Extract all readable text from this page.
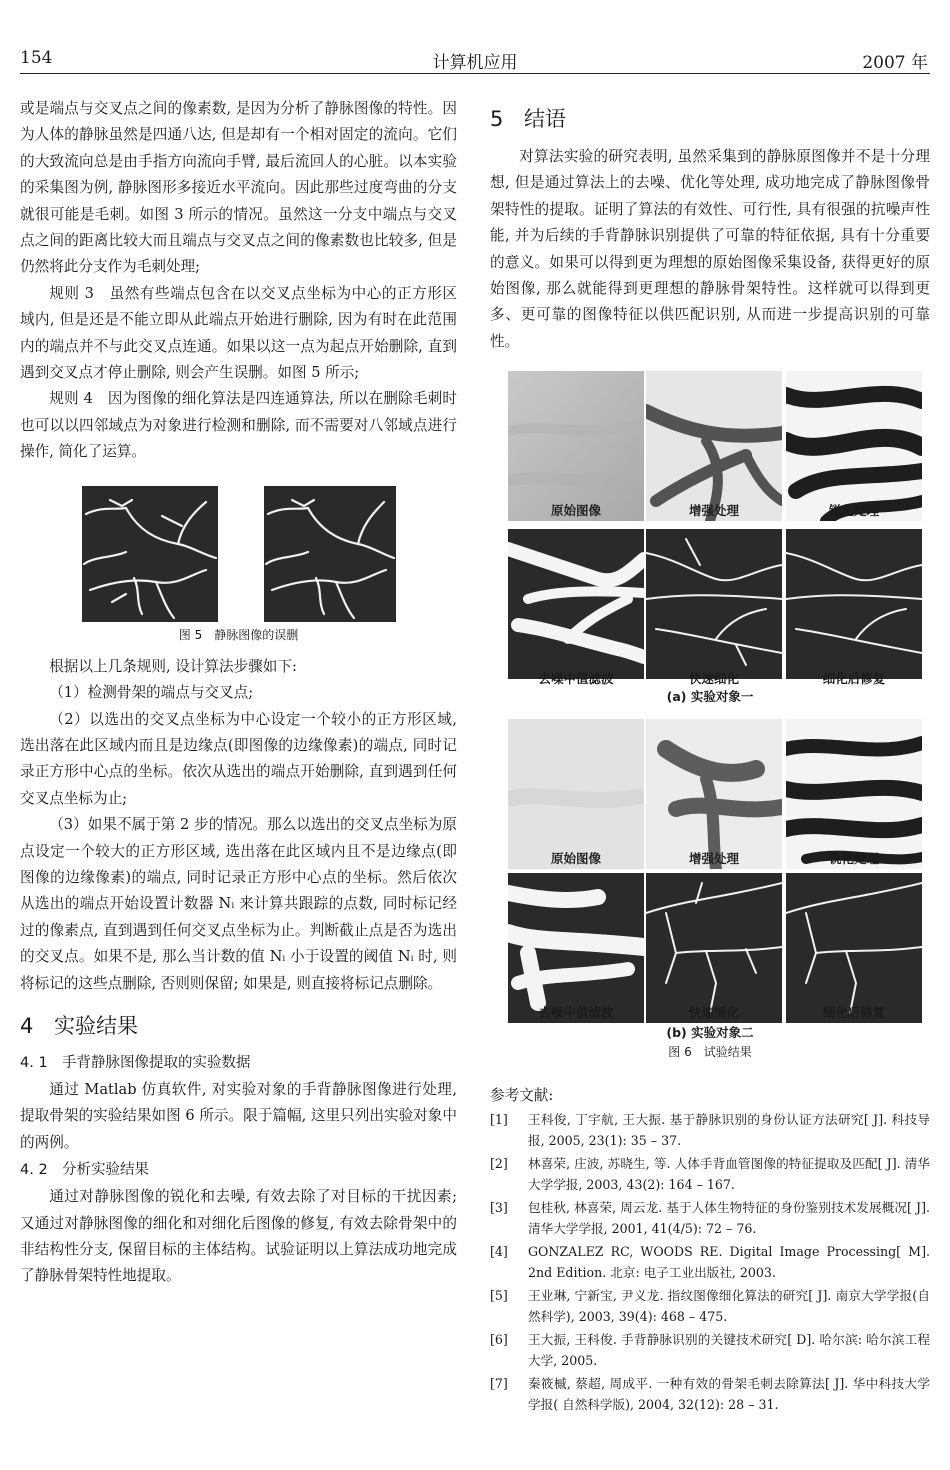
154	计算机应用	2007 年

或是端点与交叉点之间的像素数, 是因为分析了静脉图像的特性。因为人体的静脉虽然是四通八达, 但是却有一个相对固定的流向。它们的大致流向总是由手指方向流向手臂, 最后流回人的心脏。以本实验的采集图为例, 静脉图形多接近水平流向。因此那些过度弯曲的分支就很可能是毛刺。如图 3 所示的情况。虽然这一分支中端点与交叉点之间的距离比较大而且端点与交叉点之间的像素数也比较多, 但是仍然将此分支作为毛刺处理;

规则 3　虽然有些端点包含在以交叉点坐标为中心的正方形区域内, 但是还是不能立即从此端点开始进行删除, 因为有时在此范围内的端点并不与此交叉点连通。如果以这一点为起点开始删除, 直到遇到交叉点才停止删除, 则会产生误删。如图 5 所示;

规则 4　因为图像的细化算法是四连通算法, 所以在删除毛刺时也可以以四邻域点为对象进行检测和删除, 而不需要对八邻域点进行操作, 简化了运算。

图 5　静脉图像的误删

根据以上几条规则, 设计算法步骤如下:

（1）检测骨架的端点与交叉点;

（2）以选出的交叉点坐标为中心设定一个较小的正方形区域, 选出落在此区域内而且是边缘点(即图像的边缘像素)的端点, 同时记录正方形中心点的坐标。依次从选出的端点开始删除, 直到遇到任何交叉点坐标为止;

（3）如果不属于第 2 步的情况。那么以选出的交叉点坐标为原点设定一个较大的正方形区域, 选出落在此区域内且不是边缘点(即图像的边缘像素)的端点, 同时记录正方形中心点的坐标。然后依次从选出的端点开始设置计数器 Nᵢ 来计算共跟踪的点数, 同时标记经过的像素点, 直到遇到任何交叉点坐标为止。判断截止点是否为选出的交叉点。如果不是, 那么当计数的值 Nᵢ 小于设置的阈值 Nᵢ 时, 则将标记的这些点删除, 否则则保留; 如果是, 则直接将标记点删除。

4 实验结果
4. 1 手背静脉图像提取的实验数据

通过 Matlab 仿真软件, 对实验对象的手背静脉图像进行处理, 提取骨架的实验结果如图 6 所示。限于篇幅, 这里只列出实验对象中的两例。

4. 2 分析实验结果

通过对静脉图像的锐化和去噪, 有效去除了对目标的干扰因素; 又通过对静脉图像的细化和对细化后图像的修复, 有效去除骨架中的非结构性分支, 保留目标的主体结构。试验证明以上算法成功地完成了静脉骨架特性地提取。

5 结语

对算法实验的研究表明, 虽然采集到的静脉原图像并不是十分理想, 但是通过算法上的去噪、优化等处理, 成功地完成了静脉图像骨架特性的提取。证明了算法的有效性、可行性, 具有很强的抗噪声性能, 并为后续的手背静脉识别提供了可靠的特征依据, 具有十分重要的意义。如果可以得到更为理想的原始图像采集设备, 获得更好的原始图像, 那么就能得到更理想的静脉骨架特性。这样就可以得到更多、更可靠的图像特征以供匹配识别, 从而进一步提高识别的可靠性。

原始图像	增强处理	锐化处理
去噪中值滤波	快速细化	细化后修复
(a) 实验对象一
原始图像	增强处理	锐化处理
去噪中值滤波	快速细化	细化后修复
(b) 实验对象二
图 6　试验结果
参考文献:
[1] 王科俊, 丁宇航, 王大振. 基于静脉识别的身份认证方法研究[ J]. 科技导报, 2005, 23(1): 35 – 37.
[2] 林喜荣, 庄波, 苏晓生, 等. 人体手背血管图像的特征提取及匹配[ J]. 清华大学学报, 2003, 43(2): 164 – 167.
[3] 包桂秋, 林喜荣, 周云龙. 基于人体生物特征的身份鉴别技术发展概况[ J]. 清华大学学报, 2001, 41(4/5): 72 – 76.
[4] GONZALEZ RC, WOODS RE. Digital Image Processing[ M]. 2nd Edition. 北京: 电子工业出版社, 2003.
[5] 王业琳, 宁新宝, 尹义龙. 指纹图像细化算法的研究[ J]. 南京大学学报(自然科学), 2003, 39(4): 468 – 475.
[6] 王大振, 王科俊. 手背静脉识别的关键技术研究[ D]. 哈尔滨: 哈尔滨工程大学, 2005.
[7] 秦筱槭, 蔡超, 周成平. 一种有效的骨架毛刺去除算法[ J]. 华中科技大学学报( 自然科学版), 2004, 32(12): 28 – 31.
